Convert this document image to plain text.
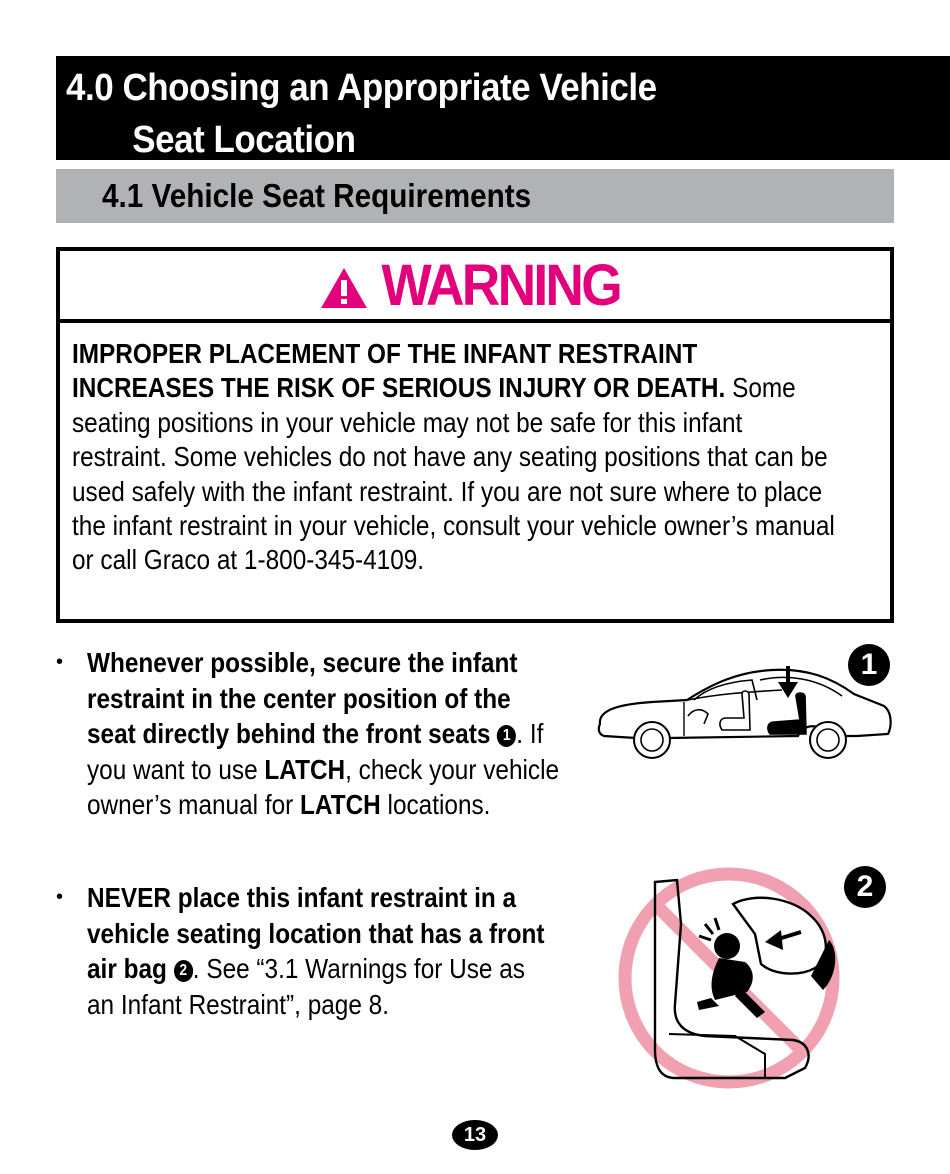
4.0 Choosing an Appropriate Vehicle
Seat Location
4.1 Vehicle Seat Requirements
WARNING

IMPROPER PLACEMENT OF THE INFANT RESTRAINT

INCREASES THE RISK OF SERIOUS INJURY OR DEATH. Some

seating positions in your vehicle may not be safe for this infant

restraint. Some vehicles do not have any seating positions that can be

used safely with the infant restraint. If you are not sure where to place

the infant restraint in your vehicle, consult your vehicle owner’s manual

or call Graco at 1-800-345-4109.

• Whenever possible, secure the infant
restraint in the center position of the
seat directly behind the front seats 1 . If
you want to use LATCH, check your vehicle
owner’s manual for LATCH locations.
• NEVER place this infant restraint in a
vehicle seating location that has a front
air bag 2 . See “3.1 Warnings for Use as
an Infant Restraint”, page 8.
1
2
13
